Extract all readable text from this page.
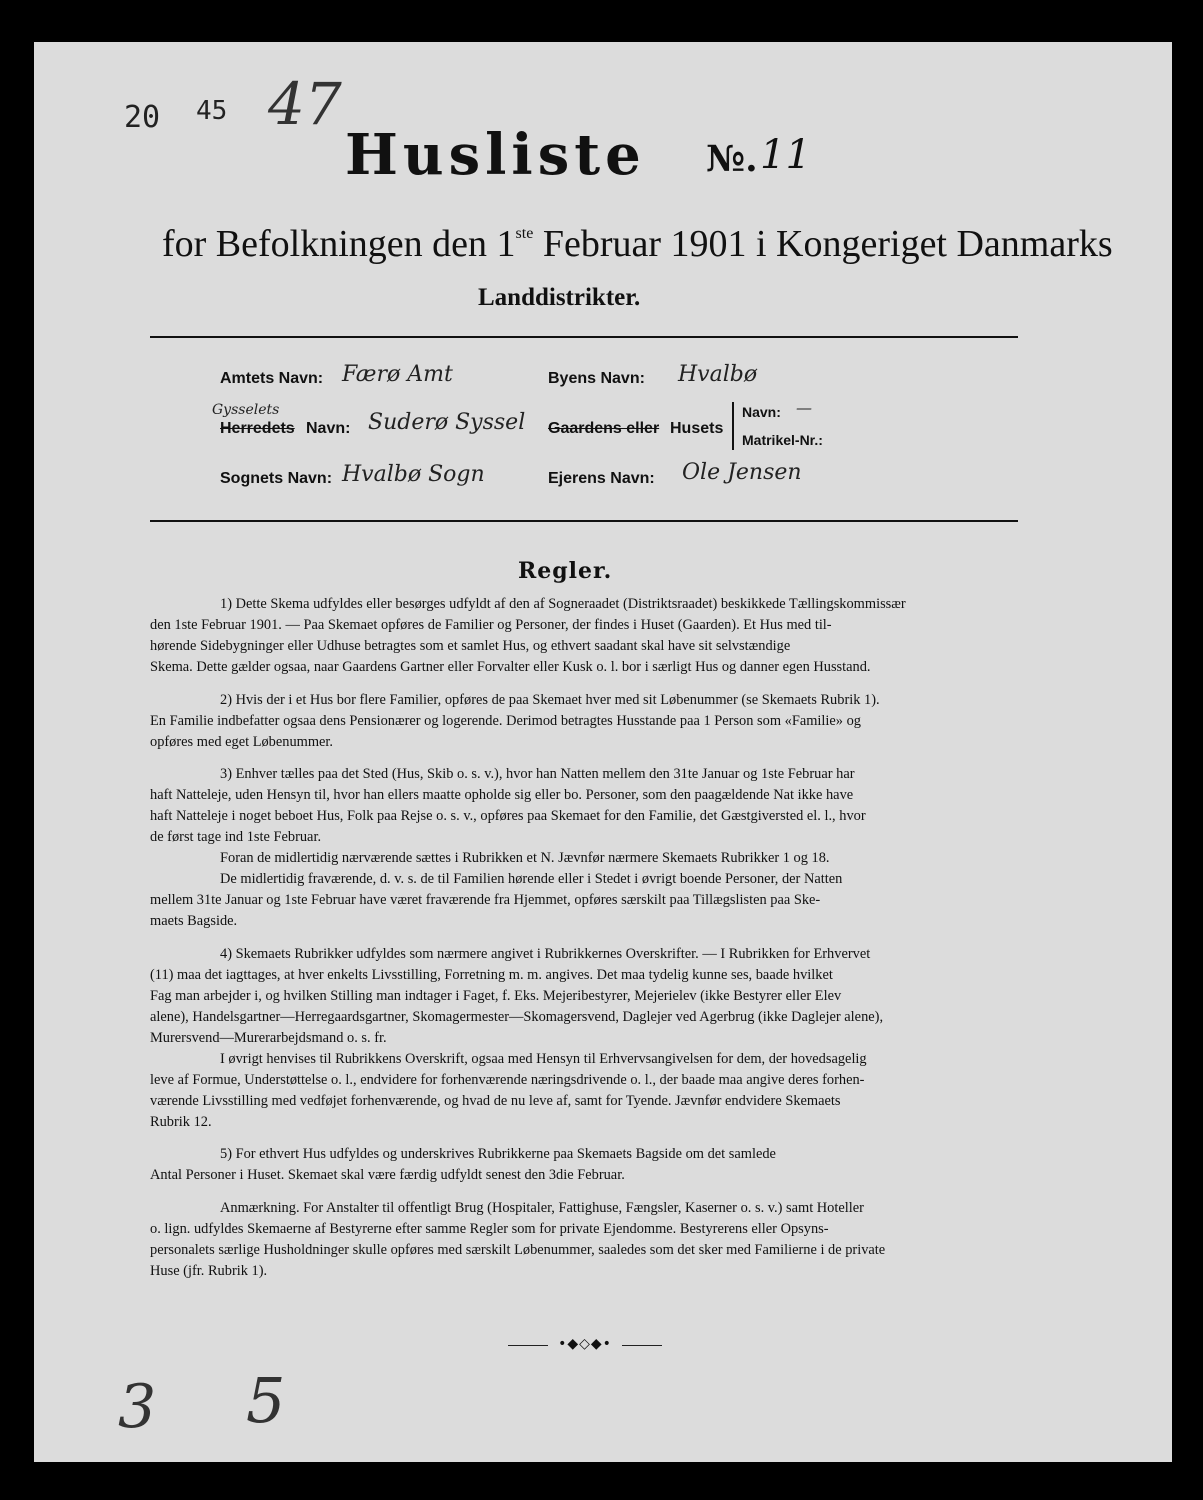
20 45 47
Husliste №. 11
for Befolkningen den 1ste Februar 1901 i Kongeriget Danmarks
Landdistrikter.
Amtets Navn: Færø Amt	Byens Navn: Hvalbø
Gysselets
Herredets Navn: Suderø Syssel Gaardens eller Husets
Navn: —
Matrikel-Nr.:
Sognets Navn: Hvalbø Sogn	Ejerens Navn: Ole Jensen
Regler.
1) Dette Skema udfyldes eller besørges udfyldt af den af Sogneraadet (Distriktsraadet) beskikkede Tællingskommissær
den 1ste Februar 1901. — Paa Skemaet opføres de Familier og Personer, der findes i Huset (Gaarden). Et Hus med til-
hørende Sidebygninger eller Udhuse betragtes som et samlet Hus, og ethvert saadant skal have sit selvstændige
Skema. Dette gælder ogsaa, naar Gaardens Gartner eller Forvalter eller Kusk o. l. bor i særligt Hus og danner egen Husstand.
2) Hvis der i et Hus bor flere Familier, opføres de paa Skemaet hver med sit Løbenummer (se Skemaets Rubrik 1).
En Familie indbefatter ogsaa dens Pensionærer og logerende. Derimod betragtes Husstande paa 1 Person som «Familie» og
opføres med eget Løbenummer.
3) Enhver tælles paa det Sted (Hus, Skib o. s. v.), hvor han Natten mellem den 31te Januar og 1ste Februar har
haft Natteleje, uden Hensyn til, hvor han ellers maatte opholde sig eller bo. Personer, som den paagældende Nat ikke have
haft Natteleje i noget beboet Hus, Folk paa Rejse o. s. v., opføres paa Skemaet for den Familie, det Gæstgiversted el. l., hvor
de først tage ind 1ste Februar.
Foran de midlertidig nærværende sættes i Rubrikken et N. Jævnfør nærmere Skemaets Rubrikker 1 og 18.
De midlertidig fraværende, d. v. s. de til Familien hørende eller i Stedet i øvrigt boende Personer, der Natten
mellem 31te Januar og 1ste Februar have været fraværende fra Hjemmet, opføres særskilt paa Tillægslisten paa Ske-
maets Bagside.
4) Skemaets Rubrikker udfyldes som nærmere angivet i Rubrikkernes Overskrifter. — I Rubrikken for Erhvervet
(11) maa det iagttages, at hver enkelts Livsstilling, Forretning m. m. angives. Det maa tydelig kunne ses, baade hvilket
Fag man arbejder i, og hvilken Stilling man indtager i Faget, f. Eks. Mejeribestyrer, Mejerielev (ikke Bestyrer eller Elev
alene), Handelsgartner—Herregaardsgartner, Skomagermester—Skomagersvend, Daglejer ved Agerbrug (ikke Daglejer alene),
Murersvend—Murerarbejdsmand o. s. fr.
I øvrigt henvises til Rubrikkens Overskrift, ogsaa med Hensyn til Erhvervsangivelsen for dem, der hovedsagelig
leve af Formue, Understøttelse o. l., endvidere for forhenværende næringsdrivende o. l., der baade maa angive deres forhen-
værende Livsstilling med vedføjet forhenværende, og hvad de nu leve af, samt for Tyende. Jævnfør endvidere Skemaets
Rubrik 12.
5) For ethvert Hus udfyldes og underskrives Rubrikkerne paa Skemaets Bagside om det samlede
Antal Personer i Huset. Skemaet skal være færdig udfyldt senest den 3die Februar.
Anmærkning. For Anstalter til offentligt Brug (Hospitaler, Fattighuse, Fængsler, Kaserner o. s. v.) samt Hoteller
o. lign. udfyldes Skemaerne af Bestyrerne efter samme Regler som for private Ejendomme. Bestyrerens eller Opsyns-
personalets særlige Husholdninger skulle opføres med særskilt Løbenummer, saaledes som det sker med Familierne i de private
Huse (jfr. Rubrik 1).
•◆◇◆•
3 5
